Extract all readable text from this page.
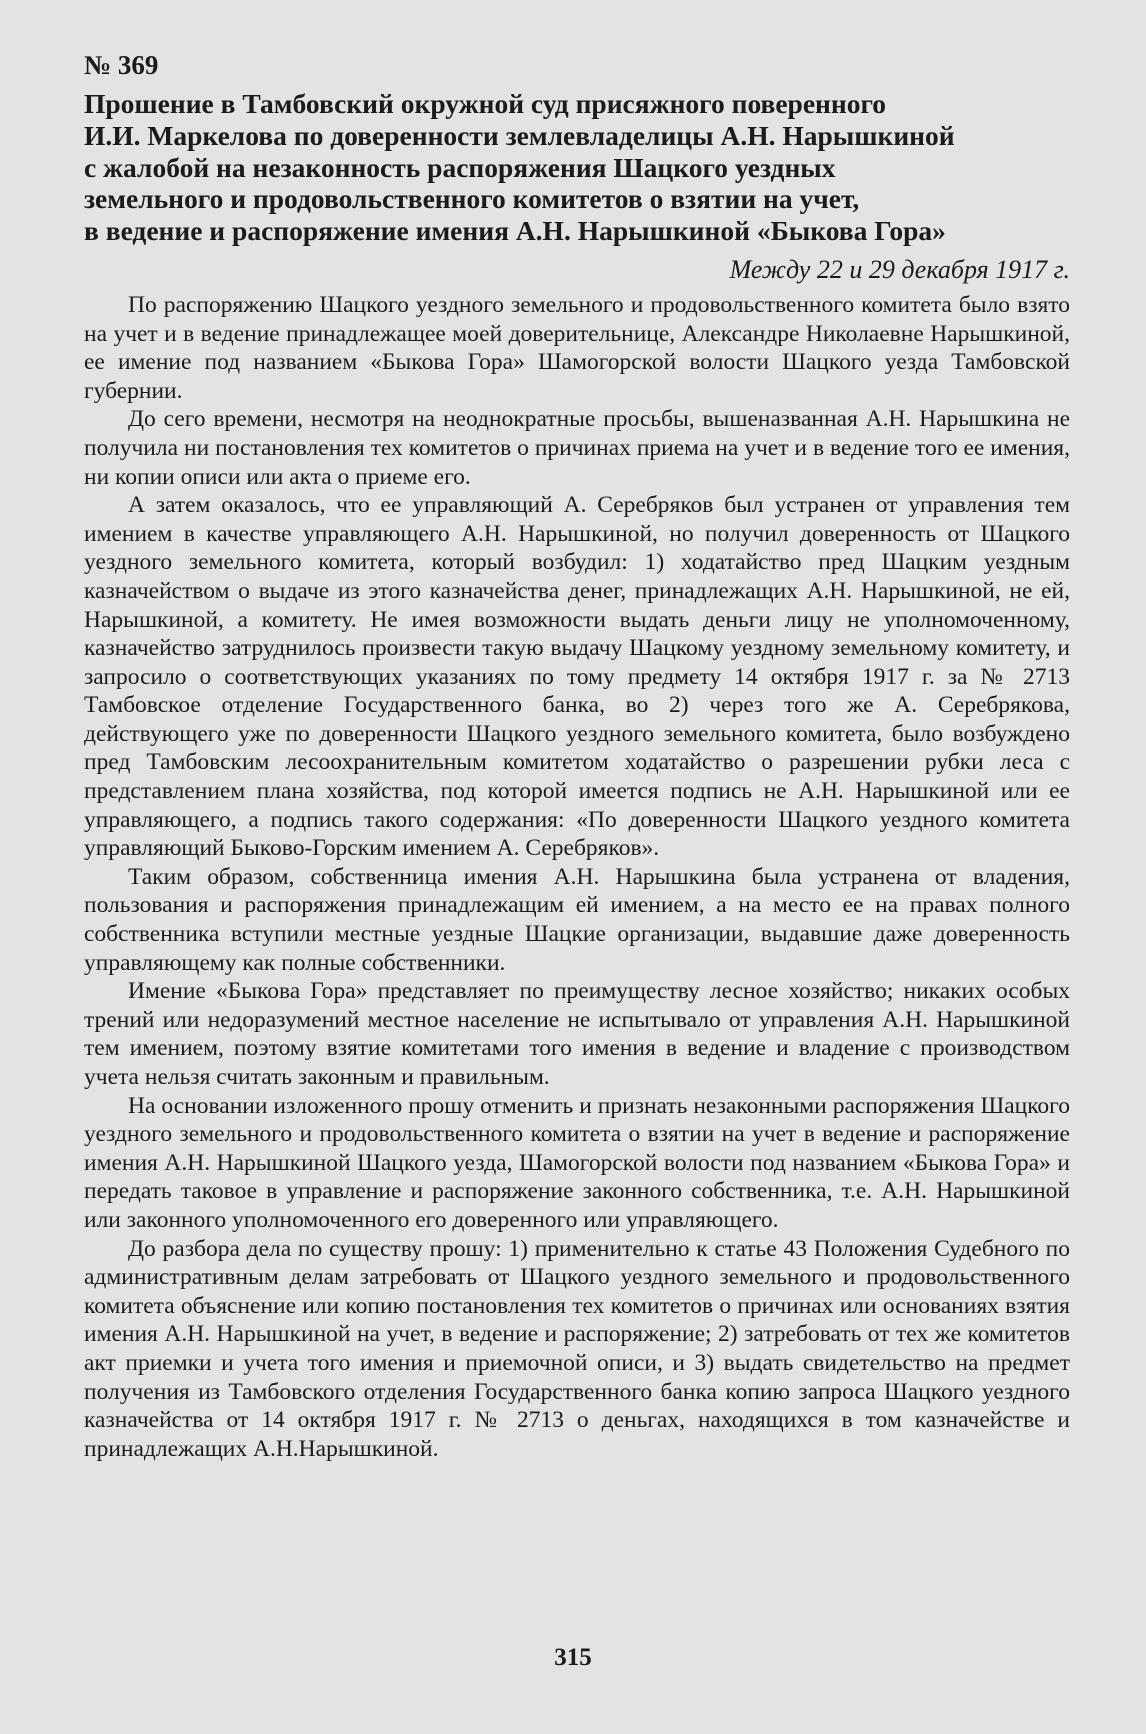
№ 369
Прошение в Тамбовский окружной суд присяжного поверенного
И.И. Маркелова по доверенности землевладелицы А.Н. Нарышкиной
с жалобой на незаконность распоряжения Шацкого уездных
земельного и продовольственного комитетов о взятии на учет,
в ведение и распоряжение имения А.Н. Нарышкиной «Быкова Гора»
Между 22 и 29 декабря 1917 г.

По распоряжению Шацкого уездного земельного и продовольственного комитета было взято на учет и в ведение принадлежащее моей доверительнице, Александре Николаевне Нарышкиной, ее имение под названием «Быкова Гора» Шамогорской волости Шацкого уезда Тамбовской губернии.

До сего времени, несмотря на неоднократные просьбы, вышеназванная А.Н. Нарышкина не получила ни постановления тех комитетов о причинах приема на учет и в ведение того ее имения, ни копии описи или акта о приеме его.

А затем оказалось, что ее управляющий А. Серебряков был устранен от управления тем имением в качестве управляющего А.Н. Нарышкиной, но получил доверенность от Шацкого уездного земельного комитета, который возбудил: 1) ходатайство пред Шацким уездным казначейством о выдаче из этого казначейства денег, принадлежащих А.Н. Нарышкиной, не ей, Нарышкиной, а комитету. Не имея возможности выдать деньги лицу не уполномоченному, казначейство затруднилось произвести такую выдачу Шацкому уездному земельному комитету, и запросило о соответствующих указаниях по тому предмету 14 октября 1917 г. за № 2713 Тамбовское отделение Государственного банка, во 2) через того же А. Серебрякова, действующего уже по доверенности Шацкого уездного земельного комитета, было возбуждено пред Тамбовским лесоохранительным комитетом ходатайство о разрешении рубки леса с представлением плана хозяйства, под которой имеется подпись не А.Н. Нарышкиной или ее управляющего, а подпись такого содержания: «По доверенности Шацкого уездного комитета управляющий Быково-Горским имением А. Серебряков».

Таким образом, собственница имения А.Н. Нарышкина была устранена от владения, пользования и распоряжения принадлежащим ей имением, а на место ее на правах полного собственника вступили местные уездные Шацкие организации, выдавшие даже доверенность управляющему как полные собственники.

Имение «Быкова Гора» представляет по преимуществу лесное хозяйство; никаких особых трений или недоразумений местное население не испытывало от управления А.Н. Нарышкиной тем имением, поэтому взятие комитетами того имения в ведение и владение с производством учета нельзя считать законным и правильным.

На основании изложенного прошу отменить и признать незаконными распоряжения Шацкого уездного земельного и продовольственного комитета о взятии на учет в ведение и распоряжение имения А.Н. Нарышкиной Шацкого уезда, Шамогорской волости под названием «Быкова Гора» и передать таковое в управление и распоряжение законного собственника, т.е. А.Н. Нарышкиной или законного уполномоченного его доверенного или управляющего.

До разбора дела по существу прошу: 1) применительно к статье 43 Положения Судебного по административным делам затребовать от Шацкого уездного земельного и продовольственного комитета объяснение или копию постановления тех комитетов о причинах или основаниях взятия имения А.Н. Нарышкиной на учет, в ведение и распоряжение; 2) затребовать от тех же комитетов акт приемки и учета того имения и приемочной описи, и 3) выдать свидетельство на предмет получения из Тамбовского отделения Государственного банка копию запроса Шацкого уездного казначейства от 14 октября 1917 г. № 2713 о деньгах, находящихся в том казначействе и принадлежащих А.Н.Нарышкиной.

315
